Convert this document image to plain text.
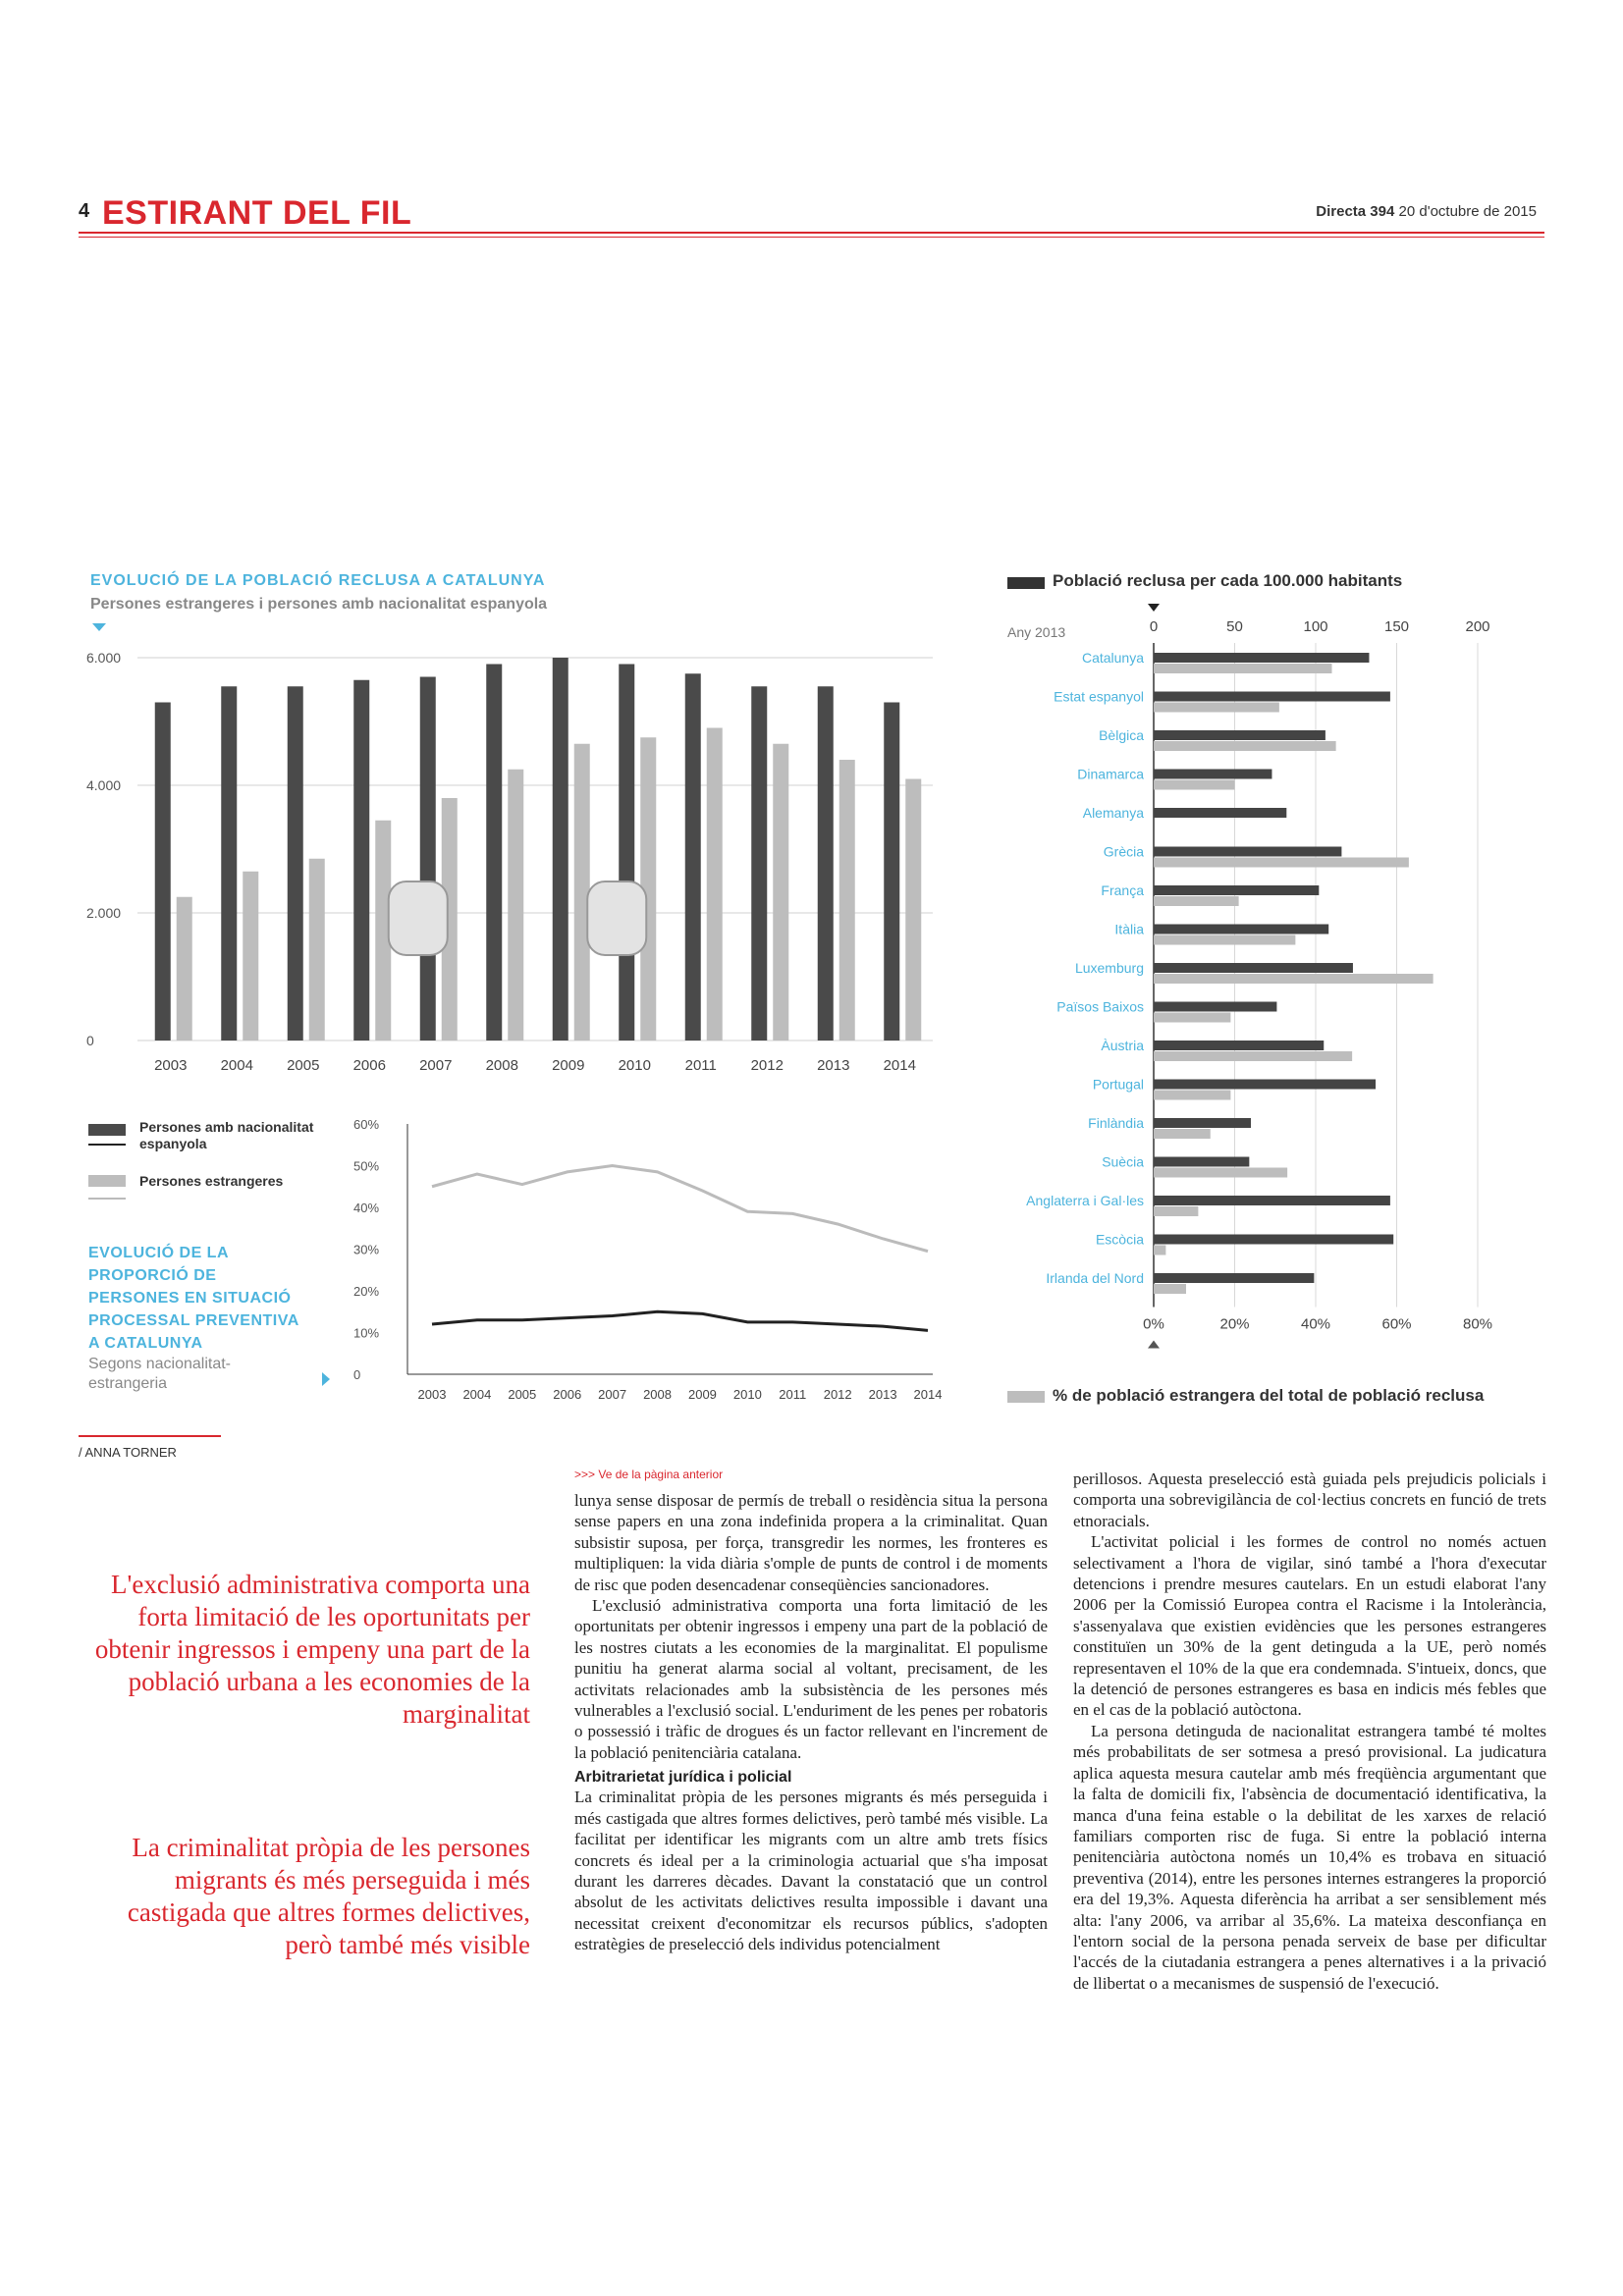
4 ESTIRANT DEL FIL	Directa 394 20 d'octubre de 2015
EVOLUCIÓ DE LA POBLACIÓ RECLUSA A CATALUNYA
Persones estrangeres i persones amb nacionalitat espanyola
0
2.000
4.000
6.000
2003 2004 2005 2006 2007 2008 2009 2010 2011 2012 2013 2014
Persones amb nacionalitat espanyola
Persones estrangeres
EVOLUCIÓ DE LA
PROPORCIÓ DE
PERSONES EN SITUACIÓ
PROCESSAL PREVENTIVA
A CATALUNYA
Segons nacionalitat-
estrangeria
0
10%
20%
30%
40%
50%
60%
2003 2004 2005 2006 2007 2008 2009 2010 2011 2012 2013 2014
Població reclusa per cada 100.000 habitants
Any 2013	0	50	100	150	200
Catalunya
Estat espanyol
Bèlgica
Dinamarca
Alemanya
Grècia
França
Itàlia
Luxemburg
Països Baixos
Àustria
Portugal
Finlàndia
Suècia
Anglaterra i Gal·les
Escòcia
Irlanda del Nord
0%	20%	40%	60%	80%
% de població estrangera del total de població reclusa
/ ANNA TORNER
L'exclusió administrativa comporta una forta limitació de les oportunitats per obtenir ingressos i empeny una part de la població urbana a les economies de la marginalitat
La criminalitat pròpia de les persones migrants és més perseguida i més castigada que altres formes delictives, però també més visible
>>> Ve de la pàgina anterior

lunya sense disposar de permís de treball o residència situa la persona sense papers en una zona indefinida propera a la criminalitat. Quan subsistir suposa, per força, transgredir les normes, les fronteres es multipliquen: la vida diària s'omple de punts de control i de moments de risc que poden desencadenar conseqüències sancionadores.

L'exclusió administrativa comporta una forta limitació de les oportunitats per obtenir ingressos i empeny una part de la població de les nostres ciutats a les economies de la marginalitat. El populisme punitiu ha generat alarma social al voltant, precisament, de les activitats relacionades amb la subsistència de les persones més vulnerables a l'exclusió social. L'enduriment de les penes per robatoris o possessió i tràfic de drogues és un factor rellevant en l'increment de la població penitenciària catalana.

Arbitrarietat jurídica i policial

La criminalitat pròpia de les persones migrants és més perseguida i més castigada que altres formes delictives, però també més visible. La facilitat per identificar les migrants com un altre amb trets físics concrets és ideal per a la criminologia actuarial que s'ha imposat durant les darreres dècades. Davant la constatació que un control absolut de les activitats delictives resulta impossible i davant una necessitat creixent d'economitzar els recursos públics, s'adopten estratègies de preselecció dels individus potencialment

perillosos. Aquesta preselecció està guiada pels prejudicis policials i comporta una sobrevigilància de col·lectius concrets en funció de trets etnoracials.

L'activitat policial i les formes de control no només actuen selectivament a l'hora de vigilar, sinó també a l'hora d'executar detencions i prendre mesures cautelars. En un estudi elaborat l'any 2006 per la Comissió Europea contra el Racisme i la Intolerància, s'assenyalava que existien evidències que les persones estrangeres constituïen un 30% de la gent detinguda a la UE, però només representaven el 10% de la que era condemnada. S'intueix, doncs, que la detenció de persones estrangeres es basa en indicis més febles que en el cas de la població autòctona.

La persona detinguda de nacionalitat estrangera també té moltes més probabilitats de ser sotmesa a presó provisional. La judicatura aplica aquesta mesura cautelar amb més freqüència argumentant que la falta de domicili fix, l'absència de documentació identificativa, la manca d'una feina estable o la debilitat de les xarxes de relació familiars comporten risc de fuga. Si entre la població interna penitenciària autòctona només un 10,4% es trobava en situació preventiva (2014), entre les persones internes estrangeres la proporció era del 19,3%. Aquesta diferència ha arribat a ser sensiblement més alta: l'any 2006, va arribar al 35,6%. La mateixa desconfiança en l'entorn social de la persona penada serveix de base per dificultar l'accés de la ciutadania estrangera a penes alternatives i a la privació de llibertat o a mecanismes de suspensió de l'execució.
